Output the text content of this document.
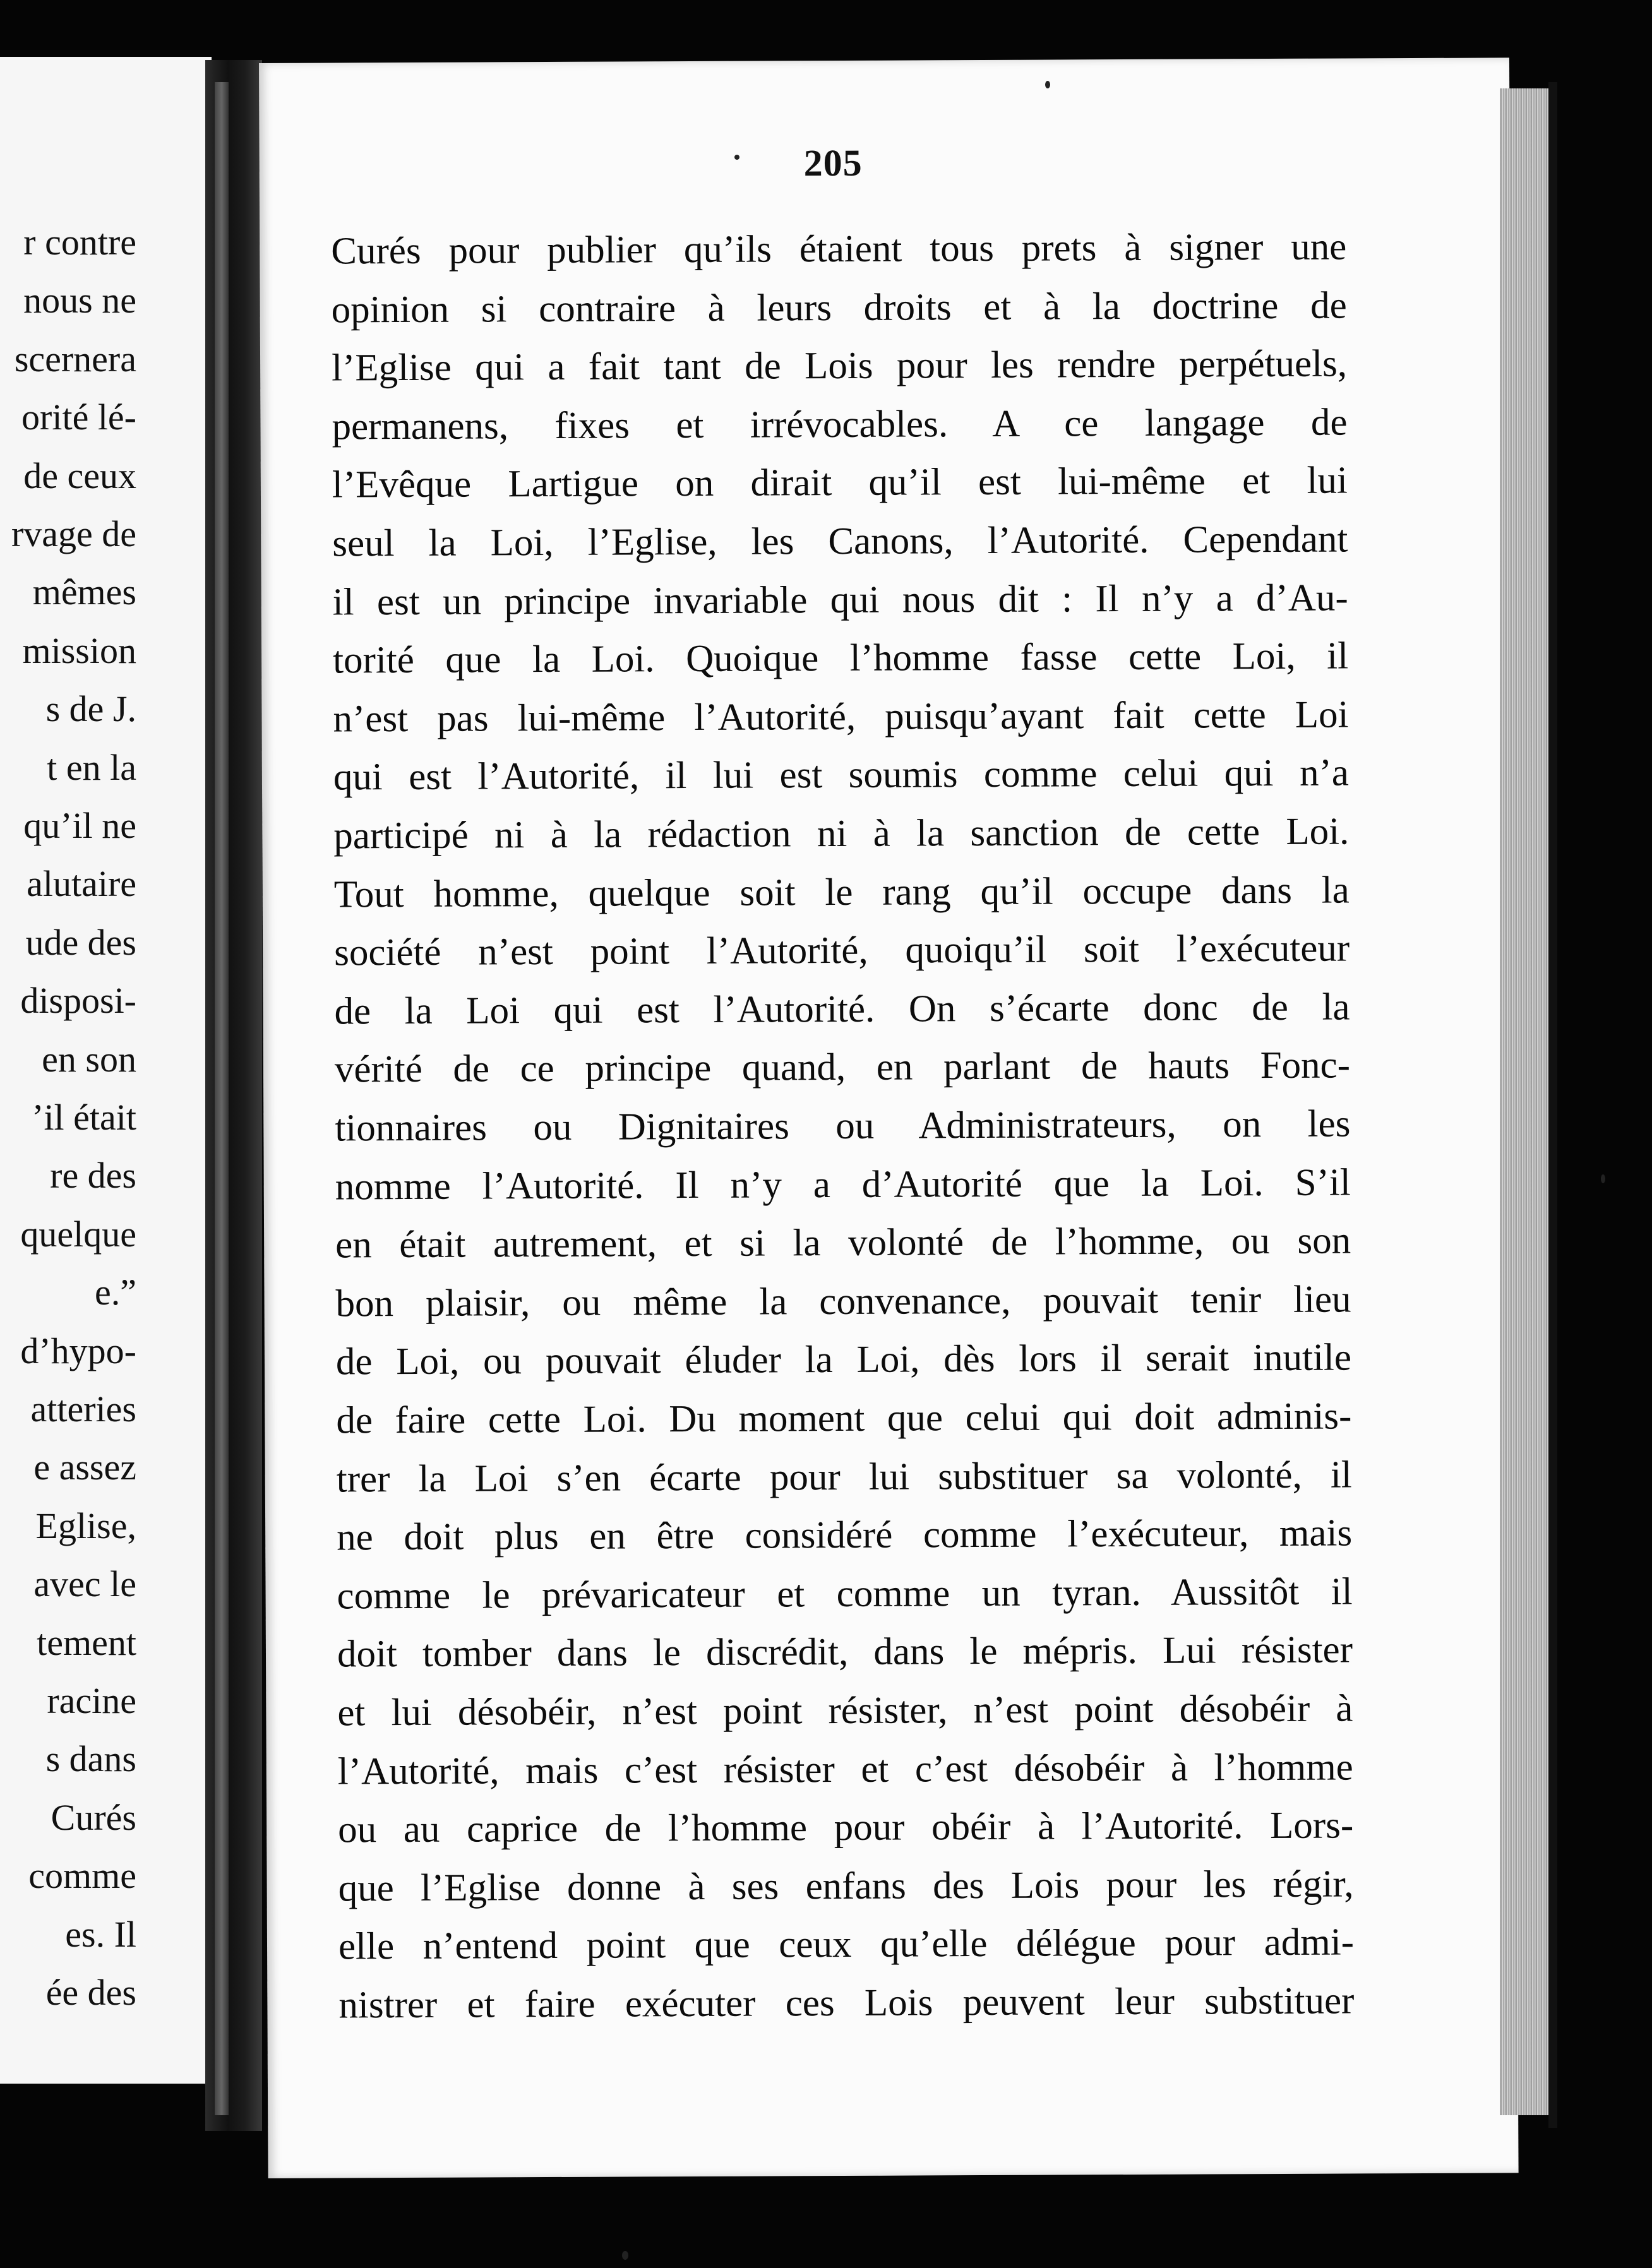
r contre
nous ne
scernera
orité lé-
de ceux
rvage de
mêmes
mission
s de J.
t en la
qu’il ne
alutaire
ude des
disposi-
en son
’il était
re des
quelque
e.”
d’hypo-
atteries
e assez
Eglise,
avec le
tement
racine
s dans
Curés
comme
es. Il
ée des
205
Curés pour publier qu’ils étaient tous prets à signer une
opinion si contraire à leurs droits et à la doctrine de
l’Eglise qui a fait tant de Lois pour les rendre perpétuels,
permanens, fixes et irrévocables. A ce langage de
l’Evêque Lartigue on dirait qu’il est lui-même et lui
seul la Loi, l’Eglise, les Canons, l’Autorité. Cependant
il est un principe invariable qui nous dit : Il n’y a d’Au-
torité que la Loi. Quoique l’homme fasse cette Loi, il
n’est pas lui-même l’Autorité, puisqu’ayant fait cette Loi
qui est l’Autorité, il lui est soumis comme celui qui n’a
participé ni à la rédaction ni à la sanction de cette Loi.
Tout homme, quelque soit le rang qu’il occupe dans la
société n’est point l’Autorité, quoiqu’il soit l’exécuteur
de la Loi qui est l’Autorité. On s’écarte donc de la
vérité de ce principe quand, en parlant de hauts Fonc-
tionnaires ou Dignitaires ou Administrateurs, on les
nomme l’Autorité. Il n’y a d’Autorité que la Loi. S’il
en était autrement, et si la volonté de l’homme, ou son
bon plaisir, ou même la convenance, pouvait tenir lieu
de Loi, ou pouvait éluder la Loi, dès lors il serait inutile
de faire cette Loi. Du moment que celui qui doit adminis-
trer la Loi s’en écarte pour lui substituer sa volonté, il
ne doit plus en être considéré comme l’exécuteur, mais
comme le prévaricateur et comme un tyran. Aussitôt il
doit tomber dans le discrédit, dans le mépris. Lui résister
et lui désobéir, n’est point résister, n’est point désobéir à
l’Autorité, mais c’est résister et c’est désobéir à l’homme
ou au caprice de l’homme pour obéir à l’Autorité. Lors-
que l’Eglise donne à ses enfans des Lois pour les régir,
elle n’entend point que ceux qu’elle délégue pour admi-
nistrer et faire exécuter ces Lois peuvent leur substituer
